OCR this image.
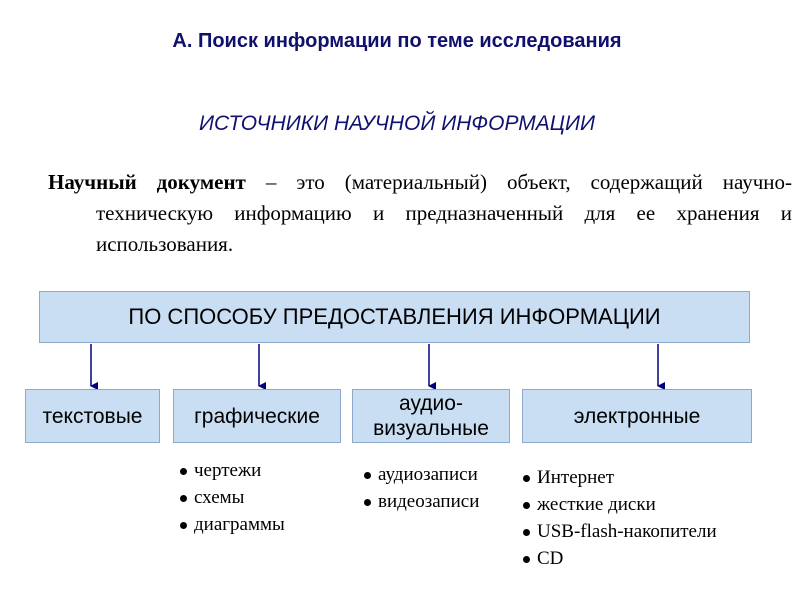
А. Поиск информации по теме исследования
ИСТОЧНИКИ НАУЧНОЙ ИНФОРМАЦИИ
Научный документ – это (материальный) объект, содержащий научно-техническую информацию и предназначенный для ее хранения и использования.
ПО СПОСОБУ ПРЕДОСТАВЛЕНИЯ ИНФОРМАЦИИ
текстовые графические
аудио-
визуальные
электронные
чертежи
схемы
диаграммы
аудиозаписи
видеозаписи
Интернет
жесткие диски
USB-flash-накопители
CD
